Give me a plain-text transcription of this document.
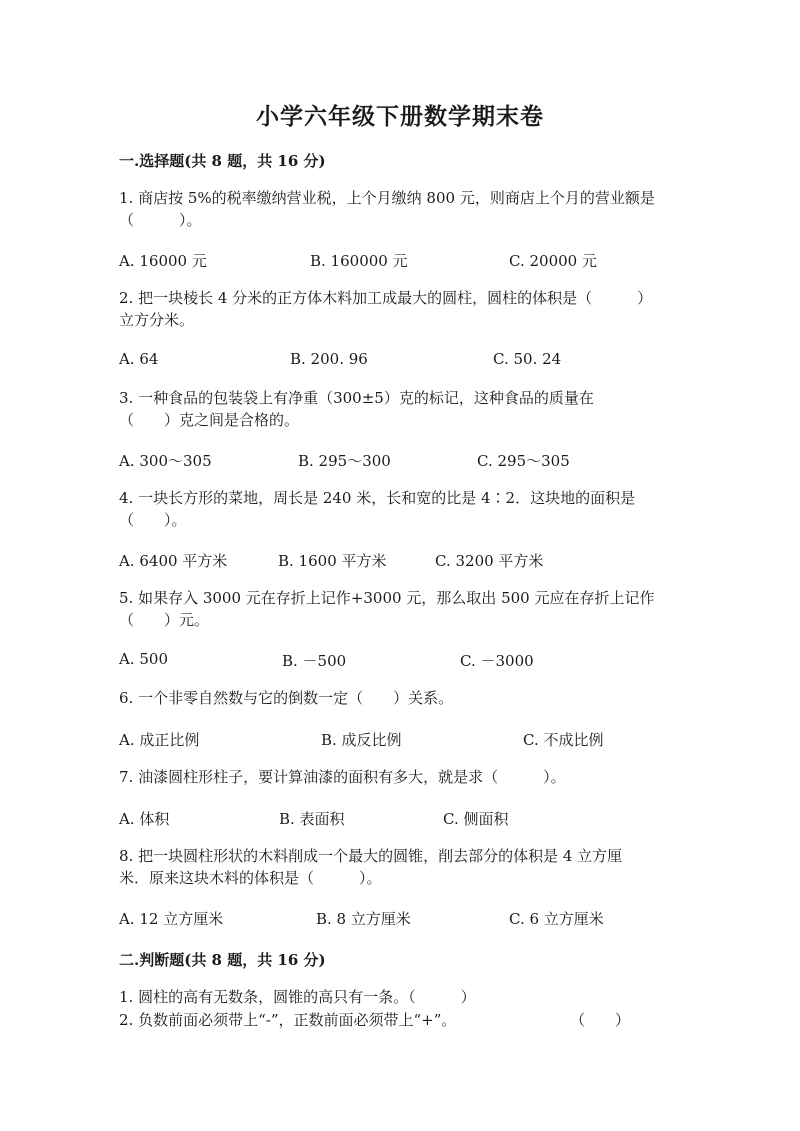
小学六年级下册数学期末卷
一.选择题(共 8 题，共 16 分)
1. 商店按 5%的税率缴纳营业税，上个月缴纳 800 元，则商店上个月的营业额是
（　　　）。
A. 16000 元	B. 160000 元	C. 20000 元
2. 把一块棱长 4 分米的正方体木料加工成最大的圆柱，圆柱的体积是（　　　）
立方分米。
A. 64	B. 200. 96	C. 50. 24
3. 一种食品的包装袋上有净重（300±5）克的标记，这种食品的质量在
（　　）克之间是合格的。
A. 300～305	B. 295～300	C. 295～305
4. 一块长方形的菜地，周长是 240 米，长和宽的比是 4∶2．这块地的面积是
（　　）。
A. 6400 平方米	B. 1600 平方米	C. 3200 平方米
5. 如果存入 3000 元在存折上记作+3000 元，那么取出 500 元应在存折上记作
（　　）元。
A. 500	B. －500	C. －3000
6. 一个非零自然数与它的倒数一定（　　）关系。
A. 成正比例	B. 成反比例	C. 不成比例
7. 油漆圆柱形柱子，要计算油漆的面积有多大，就是求（　　　）。
A. 体积	B. 表面积	C. 侧面积
8. 把一块圆柱形状的木料削成一个最大的圆锥，削去部分的体积是 4 立方厘
米．原来这块木料的体积是（　　　）。
A. 12 立方厘米	B. 8 立方厘米	C. 6 立方厘米
二.判断题(共 8 题，共 16 分)
1. 圆柱的高有无数条，圆锥的高只有一条。（　　　）
2. 负数前面必须带上“-”，正数前面必须带上“+”。	（　　）
